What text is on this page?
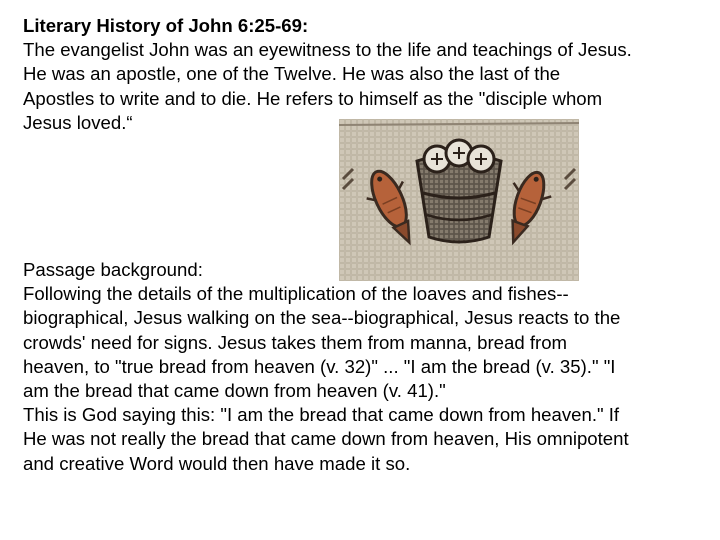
Literary History of John 6:25-69:
The evangelist John was an eyewitness to the life and teachings of Jesus.
He was an apostle, one of the Twelve. He was also the last of the
Apostles to write and to die. He refers to himself as the "disciple whom
Jesus loved.“
Passage background:
Following the details of the multiplication of the loaves and fishes--
biographical, Jesus walking on the sea--biographical, Jesus reacts to the
crowds' need for signs. Jesus takes them from manna, bread from
heaven, to "true bread from heaven (v. 32)" ... "I am the bread (v. 35)." "I
am the bread that came down from heaven (v. 41)."
This is God saying this: "I am the bread that came down from heaven." If
He was not really the bread that came down from heaven, His omnipotent
and creative Word would then have made it so.
